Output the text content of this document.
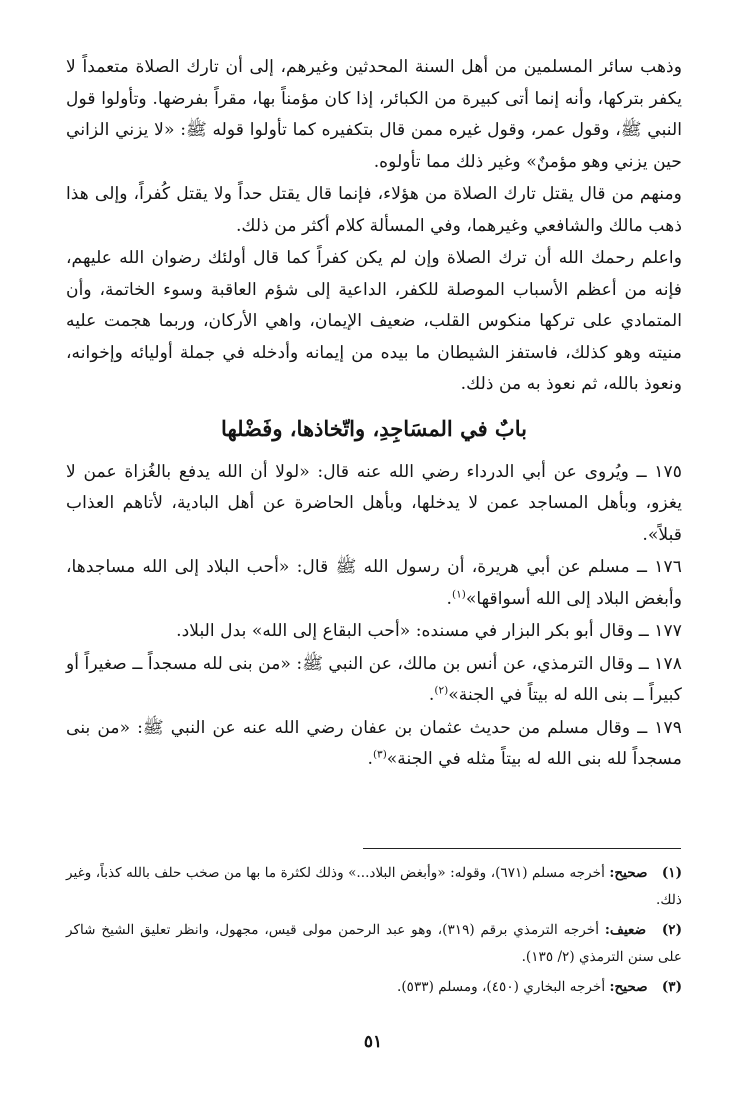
وذهب سائر المسلمين من أهل السنة المحدثين وغيرهم، إلى أن تارك الصلاة متعمداً لا يكفر بتركها، وأنه إنما أتى كبيرة من الكبائر، إذا كان مؤمناً بها، مقراً بفرضها. وتأولوا قول النبي ﷺ، وقول عمر، وقول غيره ممن قال بتكفيره كما تأولوا قوله ﷺ: «لا يزني الزاني حين يزني وهو مؤمنٌ» وغير ذلك مما تأولوه.

ومنهم من قال يقتل تارك الصلاة من هؤلاء، فإنما قال يقتل حداً ولا يقتل كُفراً، وإلى هذا ذهب مالك والشافعي وغيرهما، وفي المسألة كلام أكثر من ذلك.

واعلم رحمك الله أن ترك الصلاة وإن لم يكن كفراً كما قال أولئك رضوان الله عليهم، فإنه من أعظم الأسباب الموصلة للكفر، الداعية إلى شؤم العاقبة وسوء الخاتمة، وأن المتمادي على تركها منكوس القلب، ضعيف الإيمان، واهي الأركان، وربما هجمت عليه منيته وهو كذلك، فاستفز الشيطان ما بيده من إيمانه وأدخله في جملة أوليائه وإخوانه، ونعوذ بالله، ثم نعوذ به من ذلك.

بابٌ في المسَاجِدِ، واتّخاذها، وفَضْلها

١٧٥ ــ ويُروى عن أبي الدرداء رضي الله عنه قال: «لولا أن الله يدفع بالغُزاة عمن لا يغزو، وبأهل المساجد عمن لا يدخلها، وبأهل الحاضرة عن أهل البادية، لأتاهم العذاب قبلاً».

١٧٦ ــ مسلم عن أبي هريرة، أن رسول الله ﷺ قال: «أحب البلاد إلى الله مساجدها، وأبغض البلاد إلى الله أسواقها»$^{(١)}$.

١٧٧ ــ وقال أبو بكر البزار في مسنده: «أحب البقاع إلى الله» بدل البلاد.

١٧٨ ــ وقال الترمذي، عن أنس بن مالك، عن النبي ﷺ: «من بنى لله مسجداً ــ صغيراً أو كبيراً ــ بنى الله له بيتاً في الجنة»$^{(٢)}$.

١٧٩ ــ وقال مسلم من حديث عثمان بن عفان رضي الله عنه عن النبي ﷺ: «من بنى مسجداً لله بنى الله له بيتاً مثله في الجنة»$^{(٣)}$.

(١) صحيح: أخرجه مسلم (٦٧١)، وقوله: «وأبغض البلاد...» وذلك لكثرة ما بها من صخب حلف بالله كذباً، وغير ذلك.

(٢) ضعيف: أخرجه الترمذي برقم (٣١٩)، وهو عبد الرحمن مولى قيس، مجهول، وانظر تعليق الشيخ شاكر على سنن الترمذي (٢/ ١٣٥).

(٣) صحيح: أخرجه البخاري (٤٥٠)، ومسلم (٥٣٣).

٥١
